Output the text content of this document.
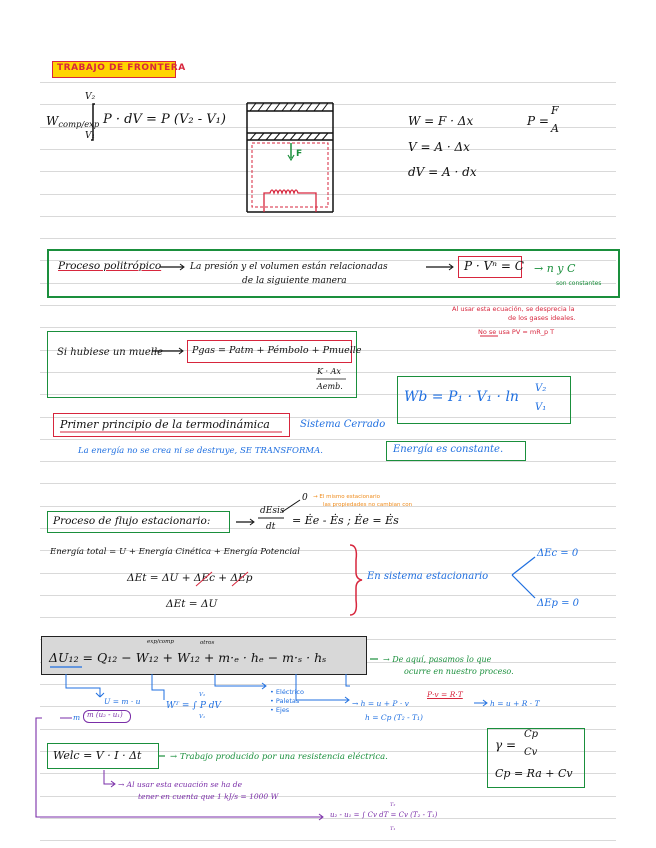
TRABAJO DE FRONTERA
$W_{comp/exp}$
V₂
V₁
P · dV = P (V₂ - V₁)
F
W = F · Δx
V = A · Δx
dV = A · dx
P =
F
A
Proceso politrópico	La presión y el volumen están relacionadas
de la siguiente manera
P · Vⁿ = C → n y C
son constantes
Al usar esta ecuación, se desprecia la
de los gases ideales.
No se usa PV = mR_p T
Si hubiese un muelle	Pgas = Patm + Pémbolo + Pmuelle
K · Ax
Aemb.
Wb = P₁ · V₁ · ln
V₂
V₁
Primer principio de la termodinámica	Sistema Cerrado
La energía no se crea ni se destruye, SE TRANSFORMA.	Energía es constante.
Proceso de flujo estacionario:
dEsis
dt
0 → El mismo estacionario
las propiedades no cambian con
= Ėe - Ės ; Ėe = Ės
Energía total = U + Energía Cinética + Energía Potencial
ΔEt = ΔU + ΔEc + ΔEp
ΔEt = ΔU
En sistema estacionario
ΔEc = 0
ΔEp = 0
ΔU₁₂ = Q₁₂ − W₁₂ + W₁₂ + m·ₑ · hₑ − m·ₛ · hₛ
exp/comp	otros
→ De aquí, pasamos lo que
ocurre en nuestro proceso.
U = m · u
m m (u₂ - u₁)
Wᵀ = ∫ P dV
V₂
V₁
• Eléctrico
• Paletas
• Ejes
→ h = u + P · v
P·v = R·T
h = u + R · T
h = Cp (T₂ - T₁)
Welc = V · I · Δt	→ Trabajo producido por una resistencia eléctrica.
→ Al usar esta ecuación se ha de
tener en cuenta que 1 kJ/s = 1000 W
γ =
Cp
Cv
Cp = Ra + Cv
u₂ - u₁ = ∫ Cv dT = Cv (T₂ - T₁)
T₂
T₁
